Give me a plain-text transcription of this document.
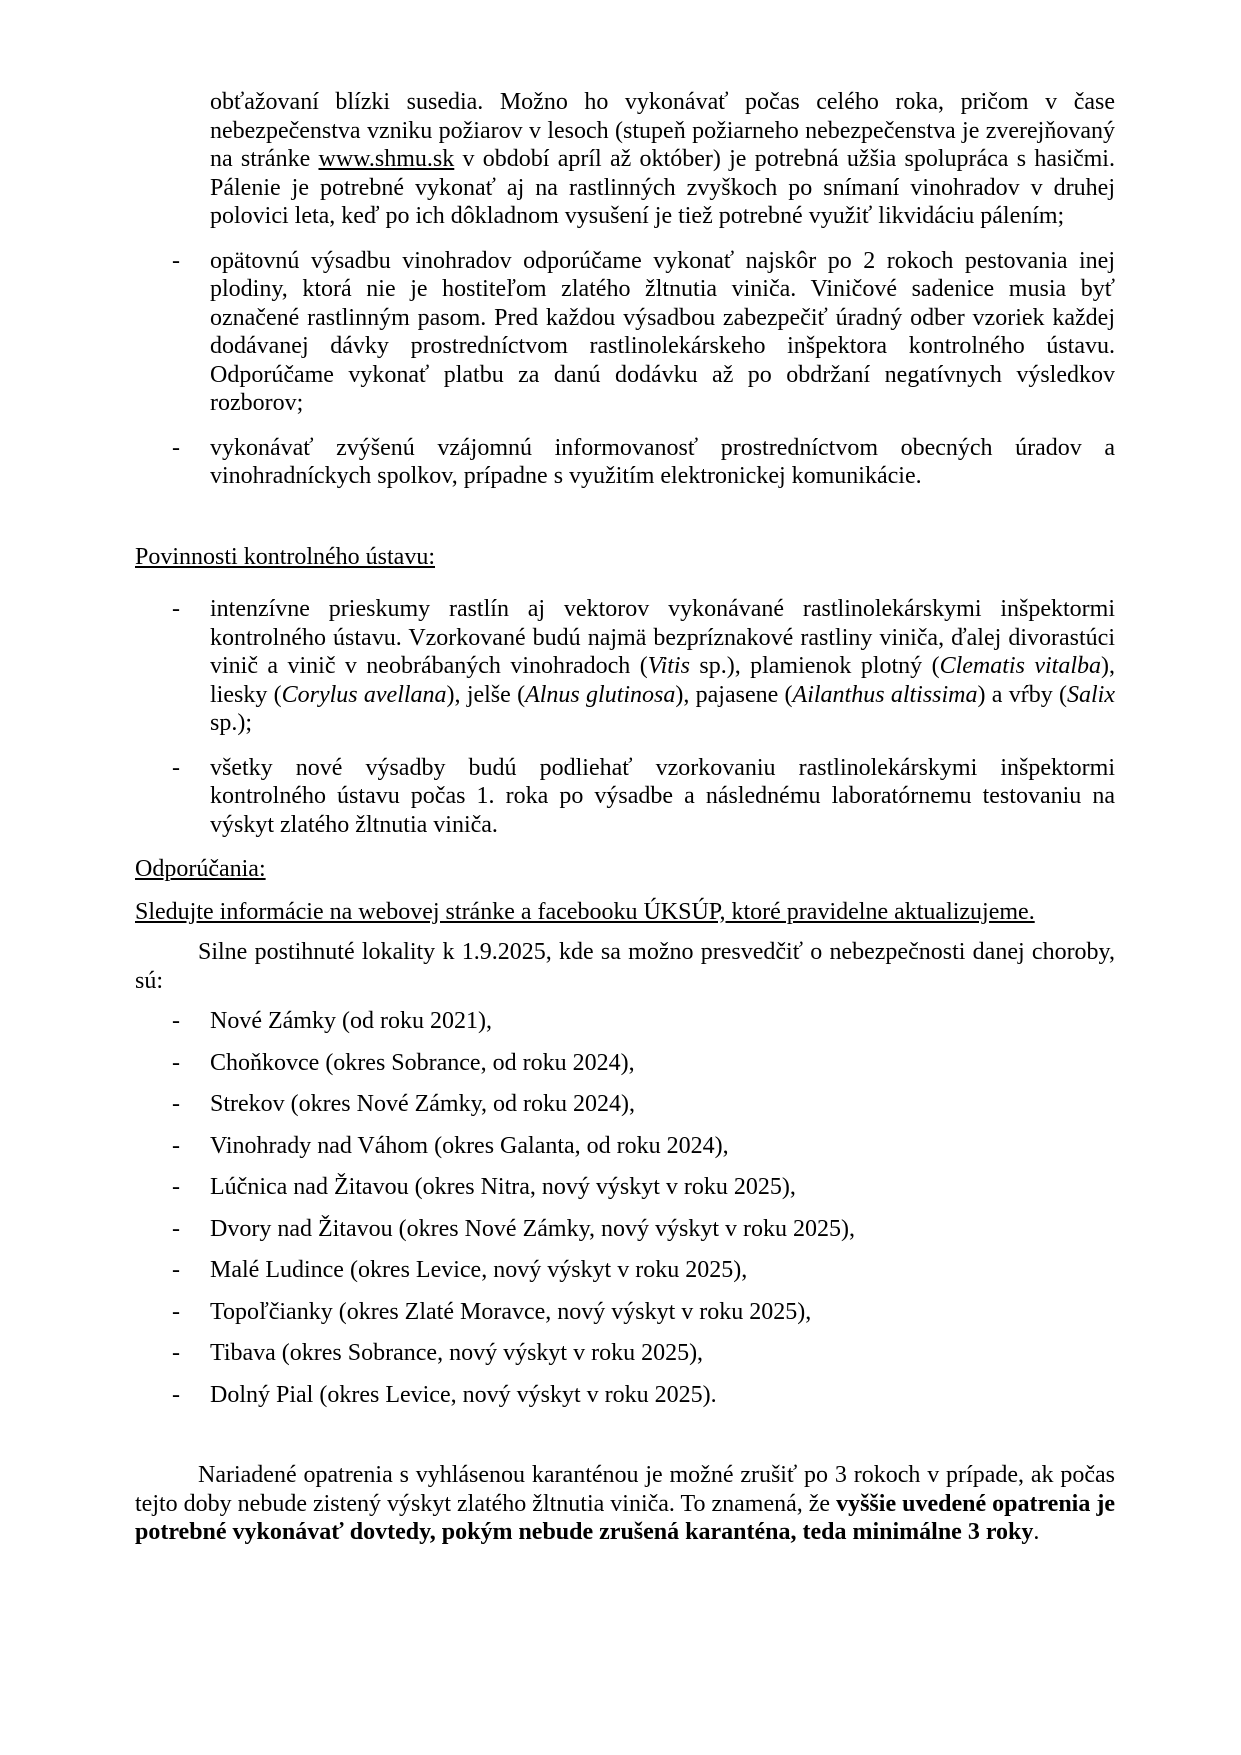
obťažovaní blízki susedia. Možno ho vykonávať počas celého roka, pričom v čase nebezpečenstva vzniku požiarov v lesoch (stupeň požiarneho nebezpečenstva je zverejňovaný na stránke www.shmu.sk v období apríl až október) je potrebná užšia spolupráca s hasičmi. Pálenie je potrebné vykonať aj na rastlinných zvyškoch po snímaní vinohradov v druhej polovici leta, keď po ich dôkladnom vysušení je tiež potrebné využiť likvidáciu pálením;

- opätovnú výsadbu vinohradov odporúčame vykonať najskôr po 2 rokoch pestovania inej plodiny, ktorá nie je hostiteľom zlatého žltnutia viniča. Viničové sadenice musia byť označené rastlinným pasom. Pred každou výsadbou zabezpečiť úradný odber vzoriek každej dodávanej dávky prostredníctvom rastlinolekárskeho inšpektora kontrolného ústavu. Odporúčame vykonať platbu za danú dodávku až po obdržaní negatívnych výsledkov rozborov;

- vykonávať zvýšenú vzájomnú informovanosť prostredníctvom obecných úradov a vinohradníckych spolkov, prípadne s využitím elektronickej komunikácie.

Povinnosti kontrolného ústavu:

- intenzívne prieskumy rastlín aj vektorov vykonávané rastlinolekárskymi inšpektormi kontrolného ústavu. Vzorkované budú najmä bezpríznakové rastliny viniča, ďalej divorastúci vinič a vinič v neobrábaných vinohradoch (Vitis sp.), plamienok plotný (Clematis vitalba), liesky (Corylus avellana), jelše (Alnus glutinosa), pajasene (Ailanthus altissima) a vŕby (Salix sp.);

- všetky nové výsadby budú podliehať vzorkovaniu rastlinolekárskymi inšpektormi kontrolného ústavu počas 1. roka po výsadbe a následnému laboratórnemu testovaniu na výskyt zlatého žltnutia viniča.

Odporúčania:

Sledujte informácie na webovej stránke a facebooku ÚKSÚP, ktoré pravidelne aktualizujeme.

Silne postihnuté lokality k 1.9.2025, kde sa možno presvedčiť o nebezpečnosti danej choroby, sú:

- Nové Zámky (od roku 2021),

- Choňkovce (okres Sobrance, od roku 2024),

- Strekov (okres Nové Zámky, od roku 2024),

- Vinohrady nad Váhom (okres Galanta, od roku 2024),

- Lúčnica nad Žitavou (okres Nitra, nový výskyt v roku 2025),

- Dvory nad Žitavou (okres Nové Zámky, nový výskyt v roku 2025),

- Malé Ludince (okres Levice, nový výskyt v roku 2025),

- Topoľčianky (okres Zlaté Moravce, nový výskyt v roku 2025),

- Tibava (okres Sobrance, nový výskyt v roku 2025),

- Dolný Pial (okres Levice, nový výskyt v roku 2025).

Nariadené opatrenia s vyhlásenou karanténou je možné zrušiť po 3 rokoch v prípade, ak počas tejto doby nebude zistený výskyt zlatého žltnutia viniča. To znamená, že vyššie uvedené opatrenia je potrebné vykonávať dovtedy, pokým nebude zrušená karanténa, teda minimálne 3 roky.
